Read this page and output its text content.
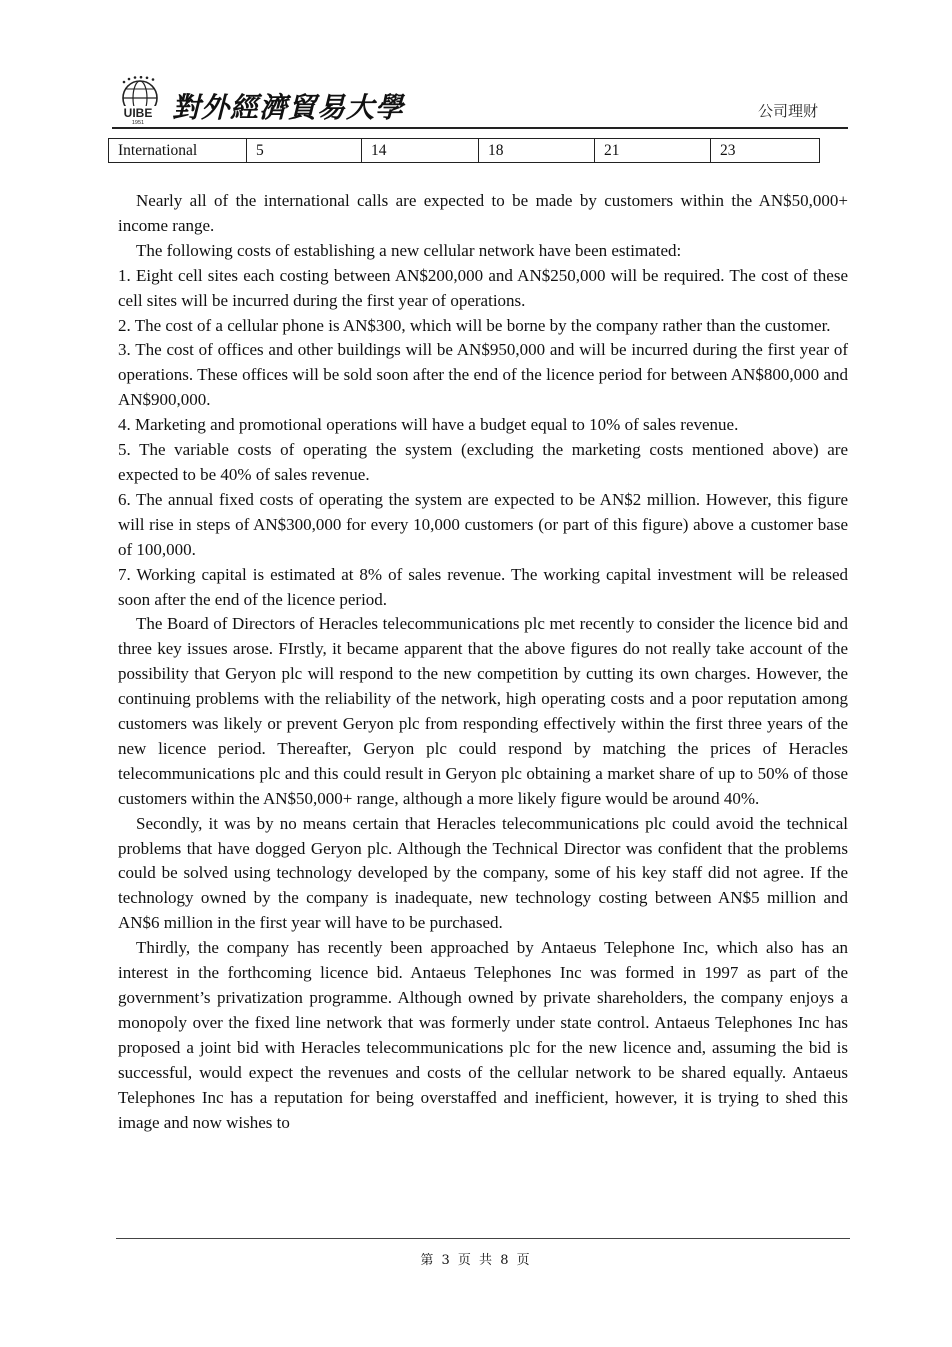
UIBE
1951 對外經濟貿易大學	公司理财
International	5	14	18	21	23

Nearly all of the international calls are expected to be made by customers within the AN$50,000+ income range.

The following costs of establishing a new cellular network have been estimated:

1. Eight cell sites each costing between AN$200,000 and AN$250,000 will be required. The cost of these cell sites will be incurred during the first year of operations.

2. The cost of a cellular phone is AN$300, which will be borne by the company rather than the customer.

3. The cost of offices and other buildings will be AN$950,000 and will be incurred during the first year of operations. These offices will be sold soon after the end of the licence period for between AN$800,000 and AN$900,000.

4. Marketing and promotional operations will have a budget equal to 10% of sales revenue.

5. The variable costs of operating the system (excluding the marketing costs mentioned above) are expected to be 40% of sales revenue.

6. The annual fixed costs of operating the system are expected to be AN$2 million. However, this figure will rise in steps of AN$300,000 for every 10,000 customers (or part of this figure) above a customer base of 100,000.

7. Working capital is estimated at 8% of sales revenue. The working capital investment will be released soon after the end of the licence period.

The Board of Directors of Heracles telecommunications plc met recently to consider the licence bid and three key issues arose. FIrstly, it became apparent that the above figures do not really take account of the possibility that Geryon plc will respond to the new competition by cutting its own charges. However, the continuing problems with the reliability of the network, high operating costs and a poor reputation among customers was likely or prevent Geryon plc from responding effectively within the first three years of the new licence period. Thereafter, Geryon plc could respond by matching the prices of Heracles telecommunications plc and this could result in Geryon plc obtaining a market share of up to 50% of those customers within the AN$50,000+ range, although a more likely figure would be around 40%.

Secondly, it was by no means certain that Heracles telecommunications plc could avoid the technical problems that have dogged Geryon plc. Although the Technical Director was confident that the problems could be solved using technology developed by the company, some of his key staff did not agree. If the technology owned by the company is inadequate, new technology costing between AN$5 million and AN$6 million in the first year will have to be purchased.

Thirdly, the company has recently been approached by Antaeus Telephone Inc, which also has an interest in the forthcoming licence bid. Antaeus Telephones Inc was formed in 1997 as part of the government’s privatization programme. Although owned by private shareholders, the company enjoys a monopoly over the fixed line network that was formerly under state control. Antaeus Telephones Inc has proposed a joint bid with Heracles telecommunications plc for the new licence and, assuming the bid is successful, would expect the revenues and costs of the cellular network to be shared equally. Antaeus Telephones Inc has a reputation for being overstaffed and inefficient, however, it is trying to shed this image and now wishes to

第 3 页 共 8 页
